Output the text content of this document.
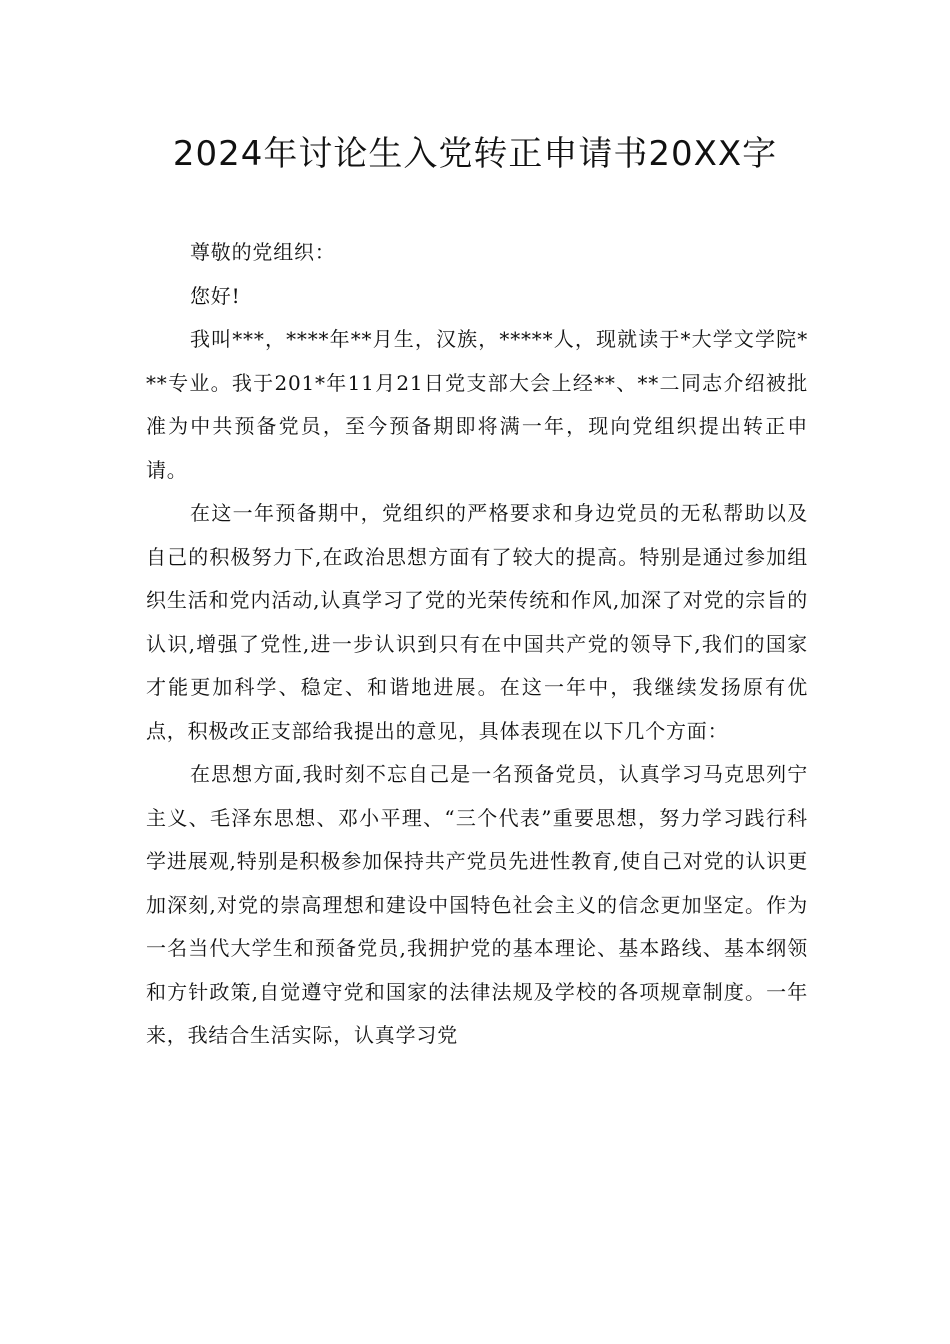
2024年讨论生入党转正申请书20XX字

尊敬的党组织：

您好!

我叫***，****年**月生，汉族，*****人，现就读于*大学文学院***专业。我于201*年11月21日党支部大会上经**、**二同志介绍被批准为中共预备党员，至今预备期即将满一年，现向党组织提出转正申请。

在这一年预备期中，党组织的严格要求和身边党员的无私帮助以及自己的积极努力下,在政治思想方面有了较大的提高。特别是通过参加组织生活和党内活动,认真学习了党的光荣传统和作风,加深了对党的宗旨的认识,增强了党性,进一步认识到只有在中国共产党的领导下,我们的国家才能更加科学、稳定、和谐地进展。在这一年中，我继续发扬原有优点，积极改正支部给我提出的意见，具体表现在以下几个方面：

在思想方面,我时刻不忘自己是一名预备党员，认真学习马克思列宁主义、毛泽东思想、邓小平理、“三个代表”重要思想，努力学习践行科学进展观,特别是积极参加保持共产党员先进性教育,使自己对党的认识更加深刻,对党的崇高理想和建设中国特色社会主义的信念更加坚定。作为一名当代大学生和预备党员,我拥护党的基本理论、基本路线、基本纲领和方针政策,自觉遵守党和国家的法律法规及学校的各项规章制度。一年来，我结合生活实际，认真学习党
